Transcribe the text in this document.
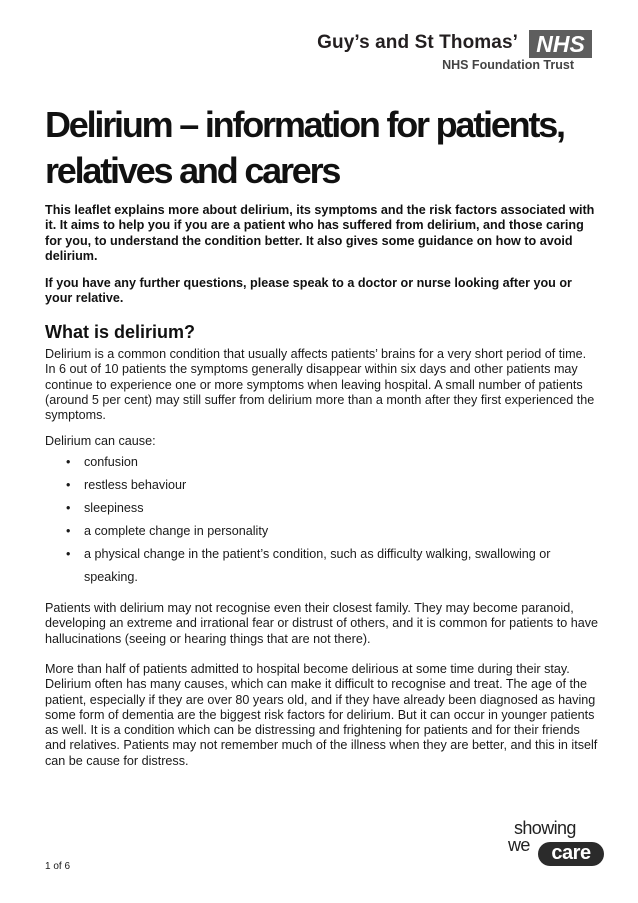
Guy’s and St Thomas’ NHS
NHS Foundation Trust
Delirium – information for patients, relatives and carers

This leaflet explains more about delirium, its symptoms and the risk factors associated with it. It aims to help you if you are a patient who has suffered from delirium, and those caring for you, to understand the condition better. It also gives some guidance on how to avoid delirium.

If you have any further questions, please speak to a doctor or nurse looking after you or your relative.

What is delirium?

Delirium is a common condition that usually affects patients’ brains for a very short period of time. In 6 out of 10 patients the symptoms generally disappear within six days and other patients may continue to experience one or more symptoms when leaving hospital. A small number of patients (around 5 per cent) may still suffer from delirium more than a month after they first experienced the symptoms.

Delirium can cause:

• confusion
• restless behaviour
• sleepiness
• a complete change in personality
• a physical change in the patient’s condition, such as difficulty walking, swallowing or speaking.

Patients with delirium may not recognise even their closest family. They may become paranoid, developing an extreme and irrational fear or distrust of others, and it is common for patients to have hallucinations (seeing or hearing things that are not there).

More than half of patients admitted to hospital become delirious at some time during their stay. Delirium often has many causes, which can make it difficult to recognise and treat. The age of the patient, especially if they are over 80 years old, and if they have already been diagnosed as having some form of dementia are the biggest risk factors for delirium. But it can occur in younger patients as well. It is a condition which can be distressing and frightening for patients and for their friends and relatives. Patients may not remember much of the illness when they are better, and this in itself can be cause for distress.

1 of 6
showing
we	care
